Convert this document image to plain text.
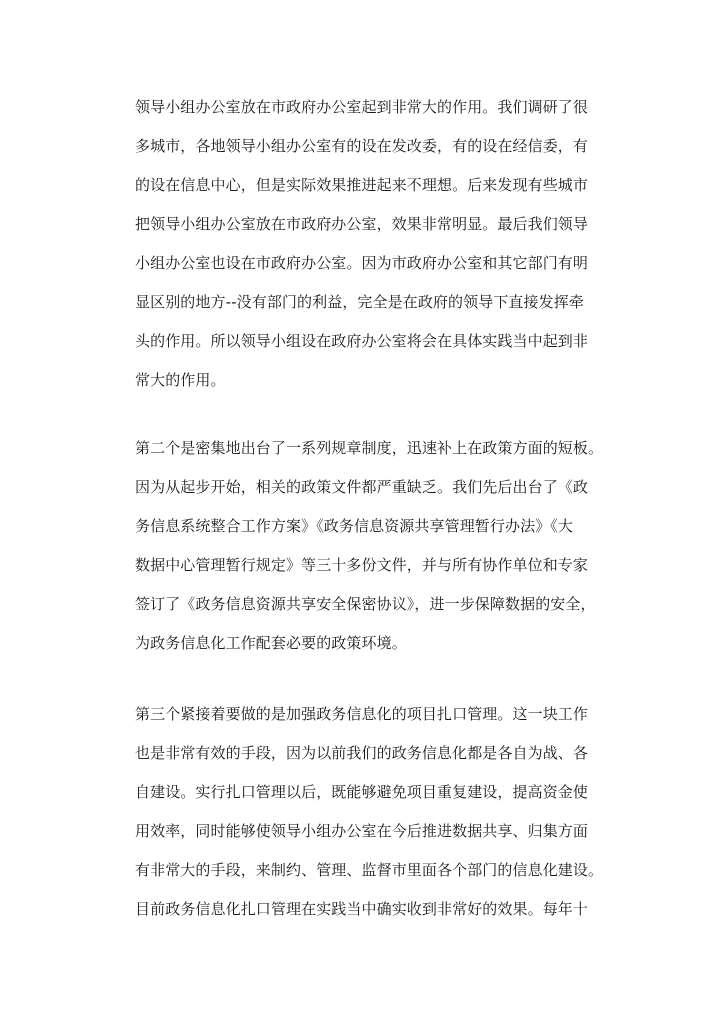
领导小组办公室放在市政府办公室起到非常大的作用。我们调研了很
多城市，各地领导小组办公室有的设在发改委，有的设在经信委，有
的设在信息中心，但是实际效果推进起来不理想。后来发现有些城市
把领导小组办公室放在市政府办公室，效果非常明显。最后我们领导
小组办公室也设在市政府办公室。因为市政府办公室和其它部门有明
显区别的地方--没有部门的利益，完全是在政府的领导下直接发挥牵
头的作用。所以领导小组设在政府办公室将会在具体实践当中起到非
常大的作用。
第二个是密集地出台了一系列规章制度，迅速补上在政策方面的短板。
因为从起步开始，相关的政策文件都严重缺乏。我们先后出台了《政
务信息系统整合工作方案》《政务信息资源共享管理暂行办法》《大
数据中心管理暂行规定》等三十多份文件，并与所有协作单位和专家
签订了《政务信息资源共享安全保密协议》，进一步保障数据的安全，
为政务信息化工作配套必要的政策环境。
第三个紧接着要做的是加强政务信息化的项目扎口管理。这一块工作
也是非常有效的手段，因为以前我们的政务信息化都是各自为战、各
自建设。实行扎口管理以后，既能够避免项目重复建设，提高资金使
用效率，同时能够使领导小组办公室在今后推进数据共享、归集方面
有非常大的手段，来制约、管理、监督市里面各个部门的信息化建设。
目前政务信息化扎口管理在实践当中确实收到非常好的效果。每年十
